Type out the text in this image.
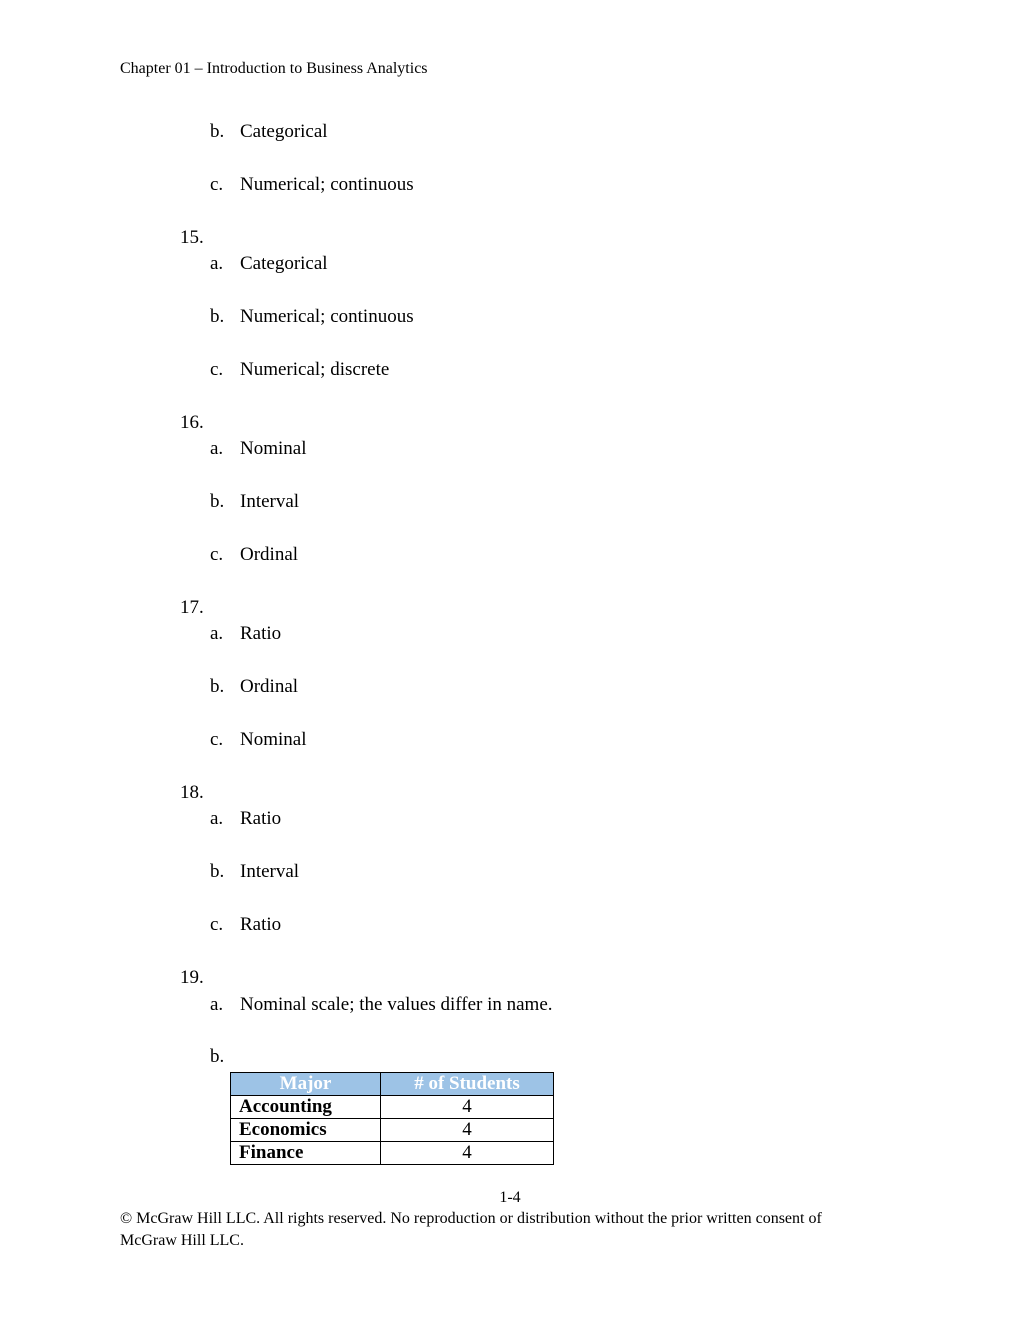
Chapter 01 – Introduction to Business Analytics
b. Categorical
c. Numerical; continuous
15.
a. Categorical
b. Numerical; continuous
c. Numerical; discrete
16.
a. Nominal
b. Interval
c. Ordinal
17.
a. Ratio
b. Ordinal
c. Nominal
18.
a. Ratio
b. Interval
c. Ratio
19.
a. Nominal scale; the values differ in name.
b.
Major	# of Students
Accounting	4
Economics	4
Finance	4
1-4
© McGraw Hill LLC. All rights reserved. No reproduction or distribution without the prior written consent of McGraw Hill LLC.
